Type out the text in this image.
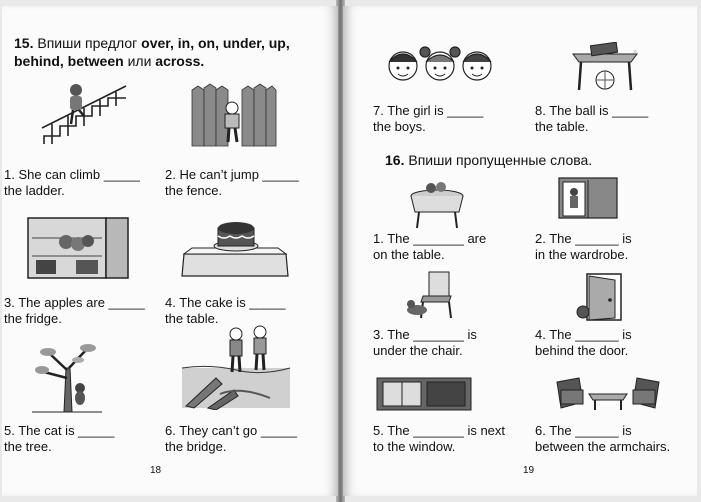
15. Впиши предлог over, in, on, under, up,
behind, between или across.
1. She can climb _____
the ladder.
2. He can’t jump _____
the fence.
3. The apples are _____
the fridge.
4. The cake is _____
the table.
5. The cat is _____
the tree.
6. They can’t go _____
the bridge.
18
▪
7. The girl is _____
the boys.
8. The ball is _____
the table.
16. Впиши пропущенные слова.
1. The _______ are
on the table.
2. The ______ is
in the wardrobe.
3. The _______ is
under the chair.
4. The ______ is
behind the door.
5. The _______ is next
to the window.
6. The ______ is
between the armchairs.
19
